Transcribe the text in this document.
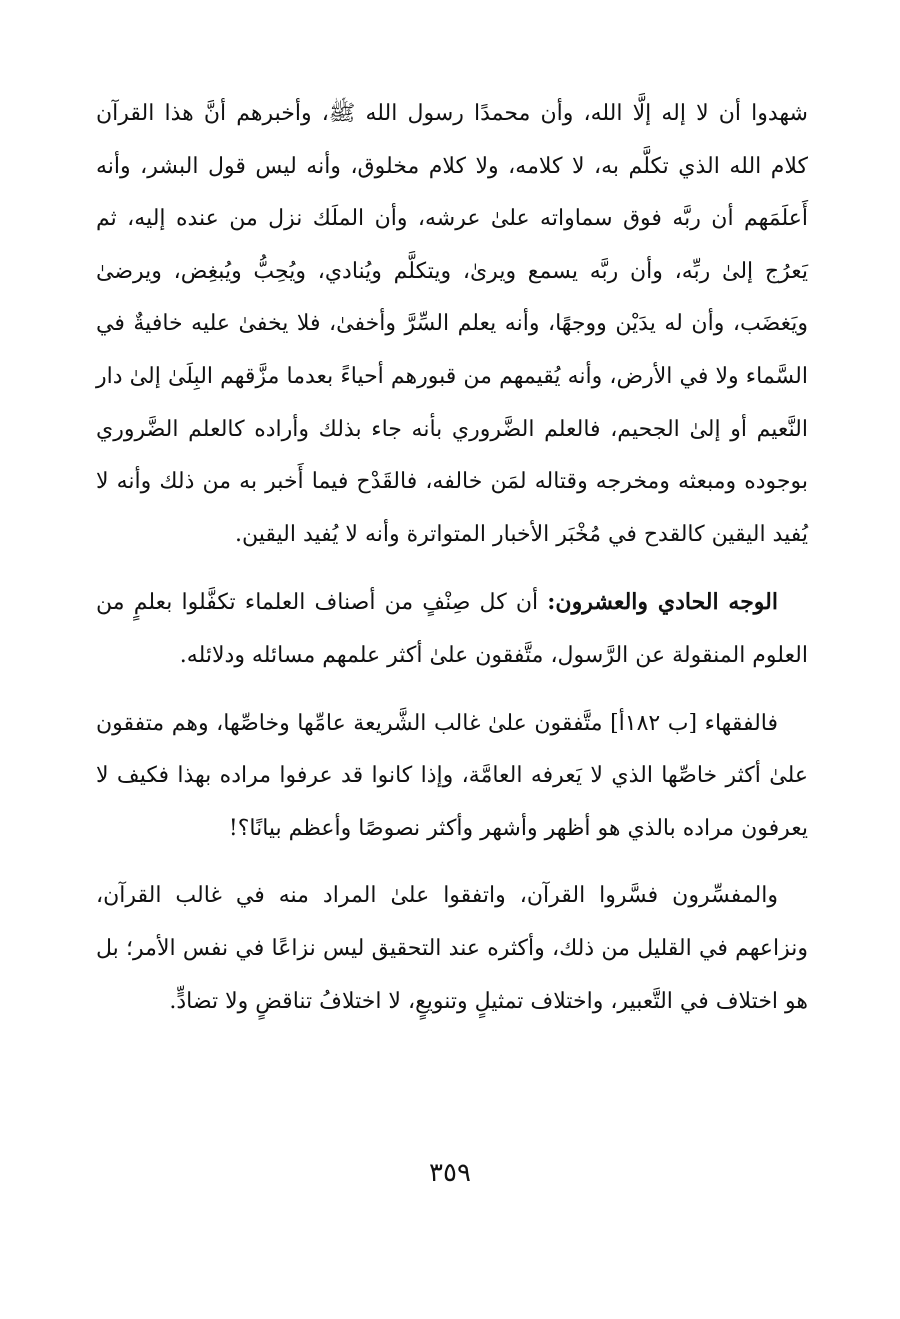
شهدوا أن لا إله إلَّا الله، وأن محمدًا رسول الله ﷺ، وأخبرهم أنَّ هذا القرآن كلام الله الذي تكلَّم به، لا كلامه، ولا كلام مخلوق، وأنه ليس قول البشر، وأنه أَعلَمَهم أن ربَّه فوق سماواته علىٰ عرشه، وأن الملَك نزل من عنده إليه، ثم يَعرُج إلىٰ ربِّه، وأن ربَّه يسمع ويرىٰ، ويتكلَّم ويُنادي، ويُحِبُّ ويُبغِض، ويرضىٰ ويَغضَب، وأن له يدَيْن ووجهًا، وأنه يعلم السِّرَّ وأخفىٰ، فلا يخفىٰ عليه خافيةٌ في السَّماء ولا في الأرض، وأنه يُقيمهم من قبورهم أحياءً بعدما مزَّقهم البِلَىٰ إلىٰ دار النَّعيم أو إلىٰ الجحيم، فالعلم الضَّروري بأنه جاء بذلك وأراده كالعلم الضَّروري بوجوده ومبعثه ومخرجه وقتاله لمَن خالفه، فالقَدْح فيما أَخبر به من ذلك وأنه لا يُفيد اليقين كالقدح في مُخْبَر الأخبار المتواترة وأنه لا يُفيد اليقين.

الوجه الحادي والعشرون: أن كل صِنْفٍ من أصناف العلماء تكفَّلوا بعلمٍ من العلوم المنقولة عن الرَّسول، متَّفقون علىٰ أكثر علمهم مسائله ودلائله.

فالفقهاء [ب ١٨٢أ] متَّفقون علىٰ غالب الشَّريعة عامِّها وخاصِّها، وهم متفقون علىٰ أكثر خاصِّها الذي لا يَعرفه العامَّة، وإذا كانوا قد عرفوا مراده بهذا فكيف لا يعرفون مراده بالذي هو أظهر وأشهر وأكثر نصوصًا وأعظم بيانًا؟!

والمفسِّرون فسَّروا القرآن، واتفقوا علىٰ المراد منه في غالب القرآن، ونزاعهم في القليل من ذلك، وأكثره عند التحقيق ليس نزاعًا في نفس الأمر؛ بل هو اختلاف في التَّعبير، واختلاف تمثيلٍ وتنويعٍ، لا اختلافُ تناقضٍ ولا تضادٍّ.

٣٥٩
